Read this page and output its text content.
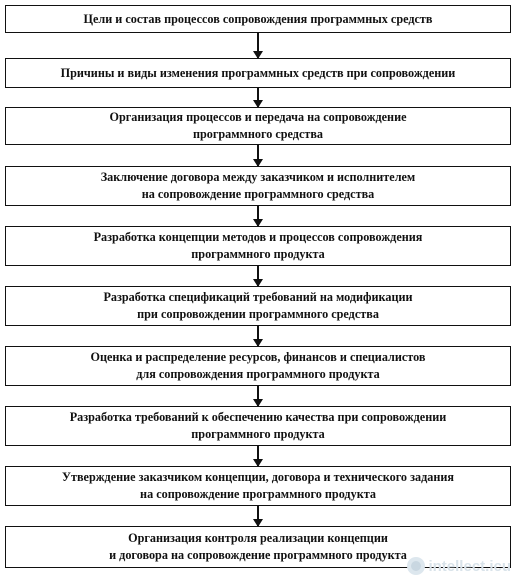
Цели и состав процессов сопровождения программных средств
Причины и виды изменения программных средств при сопровождении
Организация процессов и передача на сопровождение
программного средства
Заключение договора между заказчиком и исполнителем
на сопровождение программного средства
Разработка концепции методов и процессов сопровождения
программного продукта
Разработка спецификаций требований на модификации
при сопровождении программного средства
Оценка и распределение ресурсов, финансов и специалистов
для сопровождения программного продукта
Разработка требований к обеспечению качества при сопровождении
программного продукта
Утверждение заказчиком концепции, договора и технического задания
на сопровождение программного продукта
Организация контроля реализации концепции
и договора на сопровождение программного продукта
intellect.icu
